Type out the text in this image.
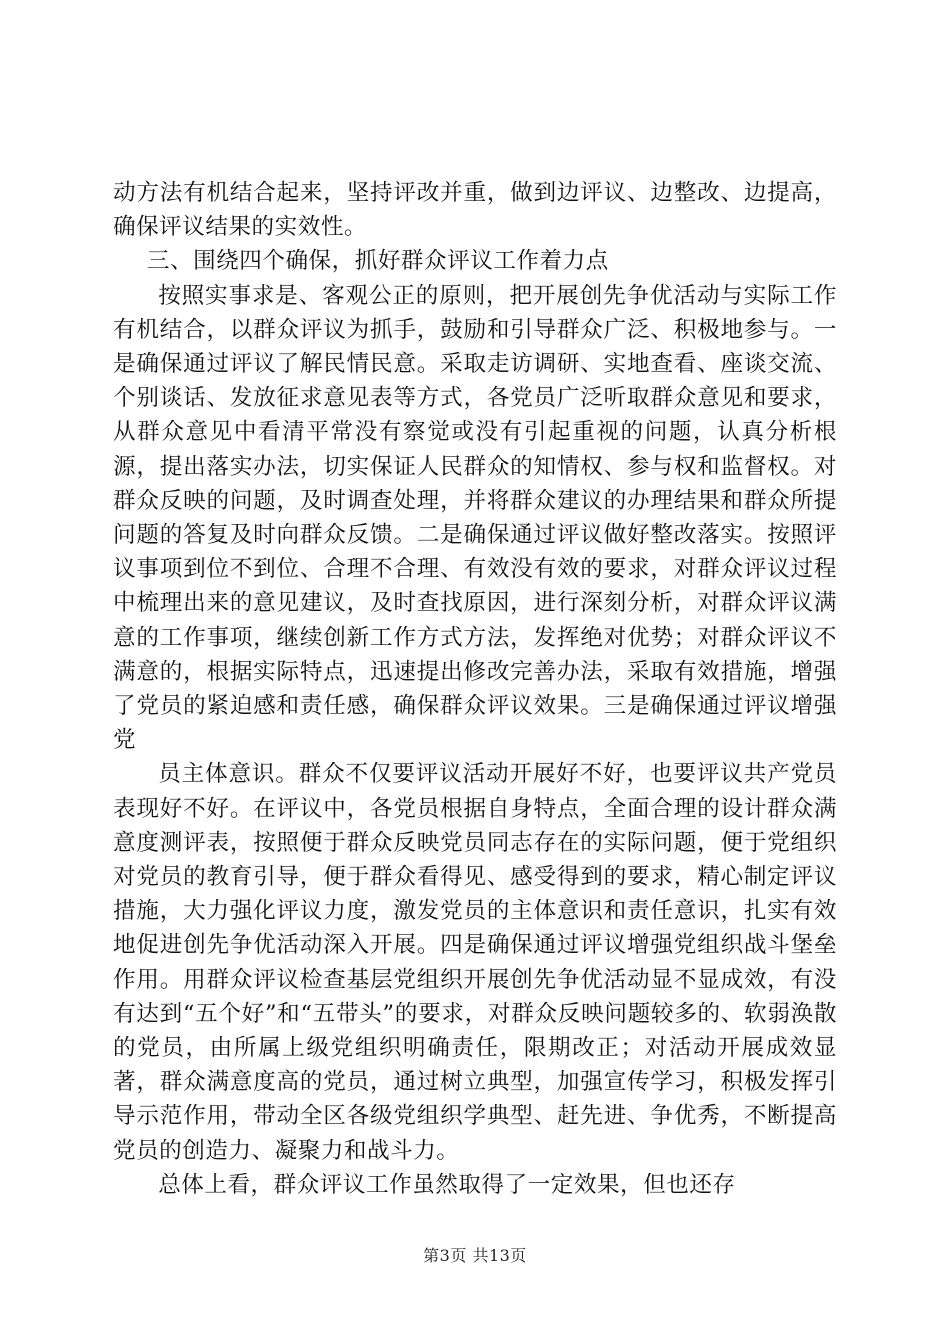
动方法有机结合起来，坚持评改并重，做到边评议、边整改、边提高，确保评议结果的实效性。

三、围绕四个确保，抓好群众评议工作着力点

按照实事求是、客观公正的原则，把开展创先争优活动与实际工作有机结合，以群众评议为抓手，鼓励和引导群众广泛、积极地参与。一是确保通过评议了解民情民意。采取走访调研、实地查看、座谈交流、个别谈话、发放征求意见表等方式，各党员广泛听取群众意见和要求，从群众意见中看清平常没有察觉或没有引起重视的问题，认真分析根源，提出落实办法，切实保证人民群众的知情权、参与权和监督权。对群众反映的问题，及时调查处理，并将群众建议的办理结果和群众所提问题的答复及时向群众反馈。二是确保通过评议做好整改落实。按照评议事项到位不到位、合理不合理、有效没有效的要求，对群众评议过程中梳理出来的意见建议，及时查找原因，进行深刻分析，对群众评议满意的工作事项，继续创新工作方式方法，发挥绝对优势；对群众评议不满意的，根据实际特点，迅速提出修改完善办法，采取有效措施，增强了党员的紧迫感和责任感，确保群众评议效果。三是确保通过评议增强党

员主体意识。群众不仅要评议活动开展好不好，也要评议共产党员表现好不好。在评议中，各党员根据自身特点，全面合理的设计群众满意度测评表，按照便于群众反映党员同志存在的实际问题，便于党组织对党员的教育引导，便于群众看得见、感受得到的要求，精心制定评议措施，大力强化评议力度，激发党员的主体意识和责任意识，扎实有效地促进创先争优活动深入开展。四是确保通过评议增强党组织战斗堡垒作用。用群众评议检查基层党组织开展创先争优活动显不显成效，有没有达到“五个好”和“五带头”的要求，对群众反映问题较多的、软弱涣散的党员，由所属上级党组织明确责任，限期改正；对活动开展成效显著，群众满意度高的党员，通过树立典型，加强宣传学习，积极发挥引导示范作用，带动全区各级党组织学典型、赶先进、争优秀，不断提高党员的创造力、凝聚力和战斗力。

总体上看，群众评议工作虽然取得了一定效果，但也还存

第3页 共13页
